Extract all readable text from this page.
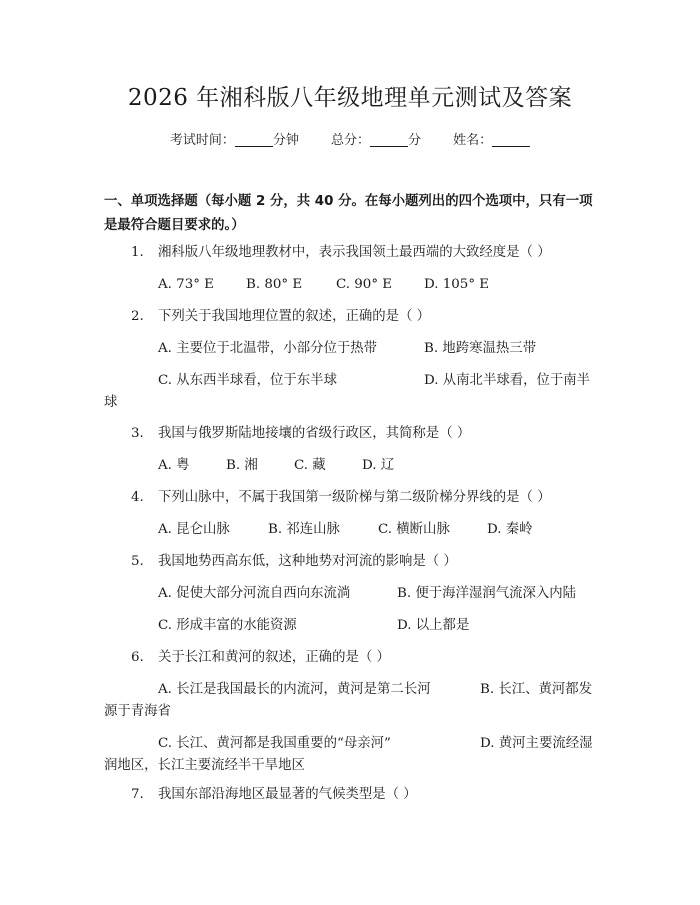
2026 年湘科版八年级地理单元测试及答案
考试时间：	分钟 总分：	分 姓名：
一、单项选择题（每小题 2 分，共 40 分。在每小题列出的四个选项中，只有一项
是最符合题目要求的。）
1. 湘科版八年级地理教材中，表示我国领土最西端的大致经度是（ ）
A. 73° E B. 80° E	C. 90° E D. 105° E
2. 下列关于我国地理位置的叙述，正确的是（ ）
A. 主要位于北温带，小部分位于热带	B. 地跨寒温热三带
C. 从东西半球看，位于东半球	D. 从南北半球看，位于南半
球
3. 我国与俄罗斯陆地接壤的省级行政区，其简称是（ ）
A. 粤	B. 湘	C. 藏	D. 辽
4. 下列山脉中，不属于我国第一级阶梯与第二级阶梯分界线的是（ ）
A. 昆仑山脉	B. 祁连山脉	C. 横断山脉	D. 秦岭
5. 我国地势西高东低，这种地势对河流的影响是（ ）
A. 促使大部分河流自西向东流淌	B. 便于海洋湿润气流深入内陆
C. 形成丰富的水能资源	D. 以上都是
6. 关于长江和黄河的叙述，正确的是（ ）
A. 长江是我国最长的内流河，黄河是第二长河	B. 长江、黄河都发
源于青海省
C. 长江、黄河都是我国重要的“母亲河”	D. 黄河主要流经湿
润地区，长江主要流经半干旱地区
7. 我国东部沿海地区最显著的气候类型是（ ）
